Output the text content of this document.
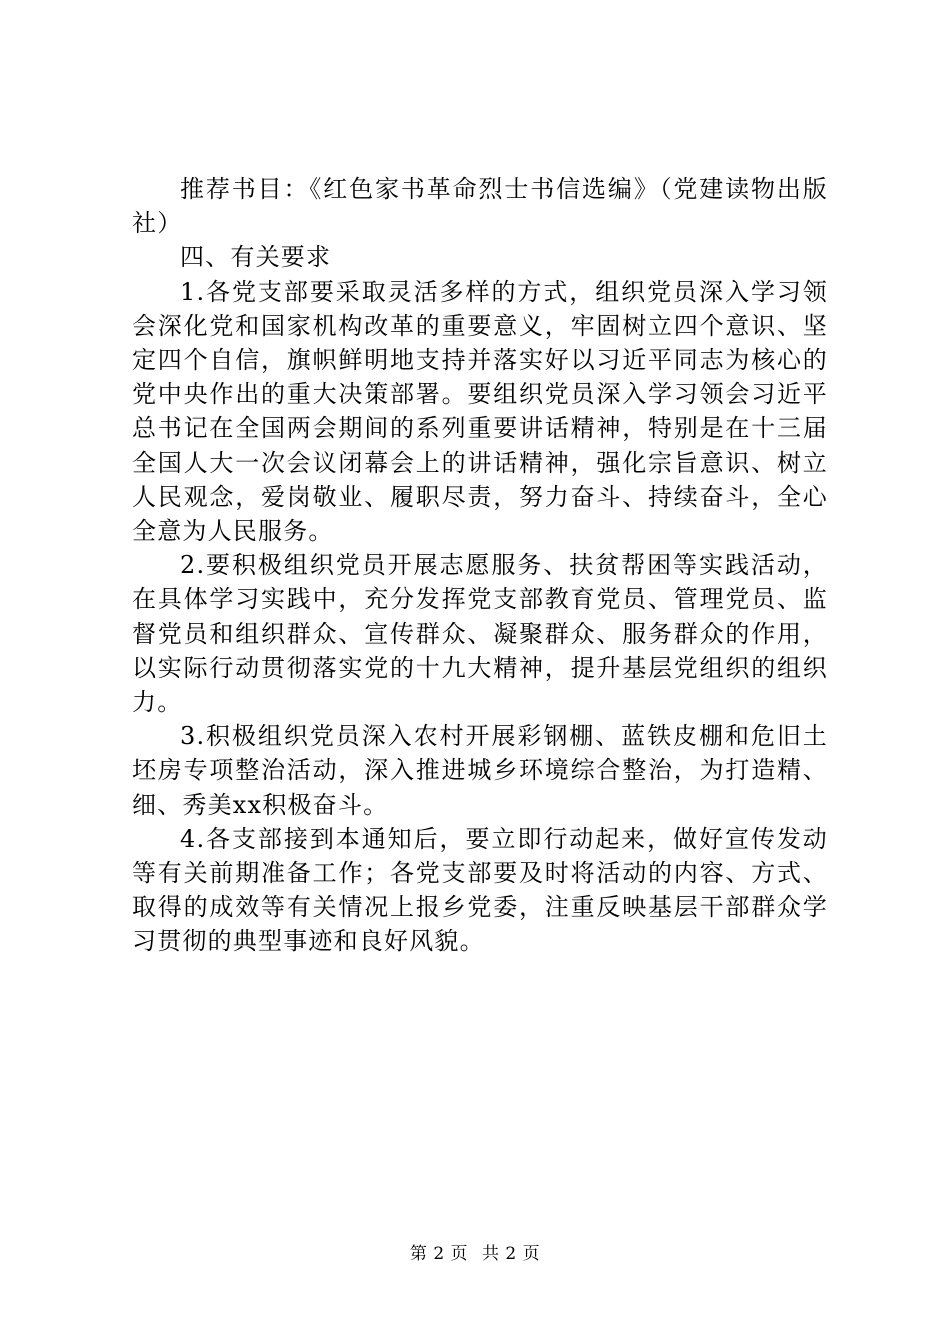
推荐书目：《红色家书革命烈士书信选编》（党建读物出版社）

四、有关要求

1.各党支部要采取灵活多样的方式，组织党员深入学习领会深化党和国家机构改革的重要意义，牢固树立四个意识、坚定四个自信，旗帜鲜明地支持并落实好以习近平同志为核心的党中央作出的重大决策部署。要组织党员深入学习领会习近平总书记在全国两会期间的系列重要讲话精神，特别是在十三届全国人大一次会议闭幕会上的讲话精神，强化宗旨意识、树立人民观念，爱岗敬业、履职尽责，努力奋斗、持续奋斗，全心全意为人民服务。

2.要积极组织党员开展志愿服务、扶贫帮困等实践活动，在具体学习实践中，充分发挥党支部教育党员、管理党员、监督党员和组织群众、宣传群众、凝聚群众、服务群众的作用，以实际行动贯彻落实党的十九大精神，提升基层党组织的组织力。

3.积极组织党员深入农村开展彩钢棚、蓝铁皮棚和危旧土坯房专项整治活动，深入推进城乡环境综合整治，为打造精、细、秀美xx积极奋斗。

4.各支部接到本通知后，要立即行动起来，做好宣传发动等有关前期准备工作；各党支部要及时将活动的内容、方式、取得的成效等有关情况上报乡党委，注重反映基层干部群众学习贯彻的典型事迹和良好风貌。

第 2 页 共 2 页
